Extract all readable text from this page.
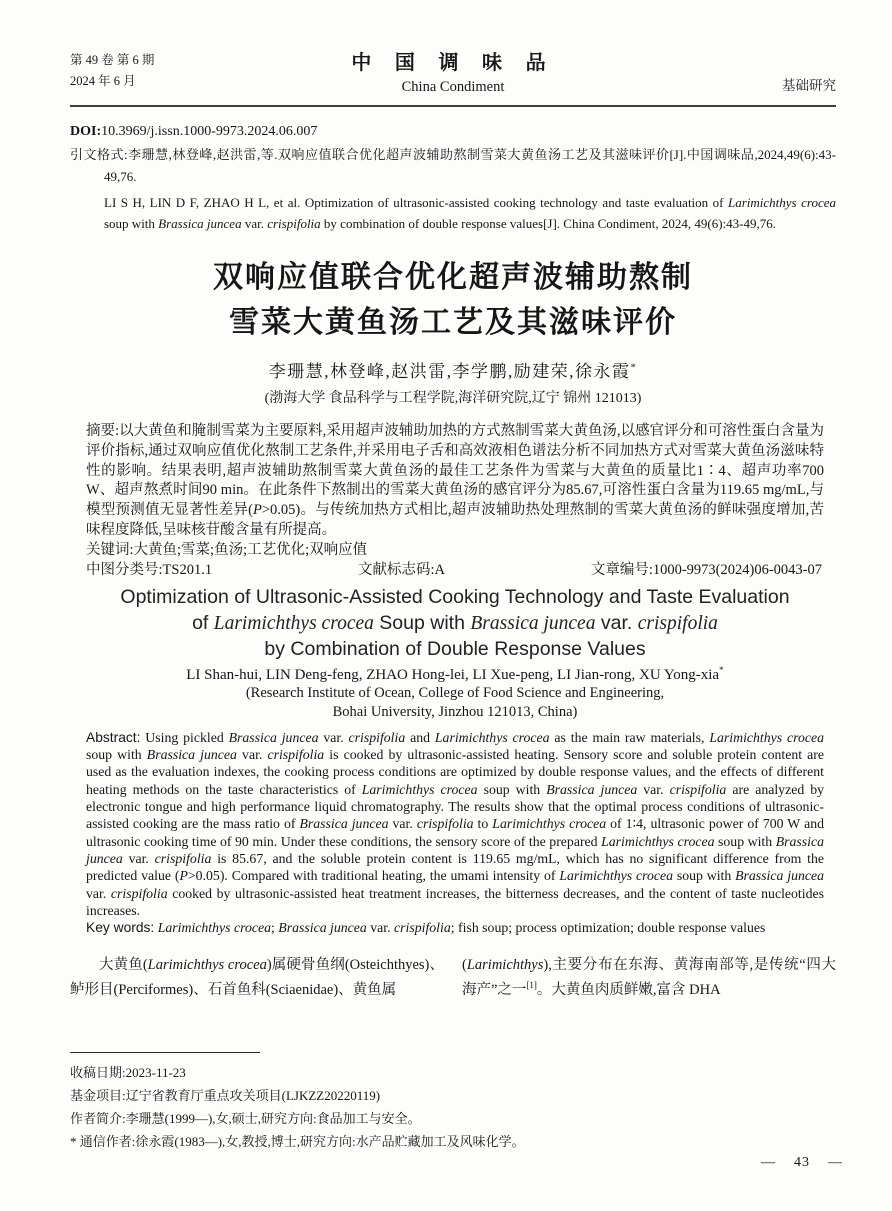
第 49 卷 第 6 期
2024 年 6 月
中 国 调 味 品
China Condiment	基础研究
DOI:10.3969/j.issn.1000-9973.2024.06.007
引文格式:李珊慧,林登峰,赵洪雷,等.双响应值联合优化超声波辅助熬制雪菜大黄鱼汤工艺及其滋味评价[J].中国调味品,2024,49(6):43-49,76.
LI S H, LIN D F, ZHAO H L, et al. Optimization of ultrasonic-assisted cooking technology and taste evaluation of Larimichthys crocea soup with Brassica juncea var. crispifolia by combination of double response values[J]. China Condiment, 2024, 49(6):43-49,76.
双响应值联合优化超声波辅助熬制
雪菜大黄鱼汤工艺及其滋味评价
李珊慧,林登峰,赵洪雷,李学鹏,励建荣,徐永霞*
(渤海大学 食品科学与工程学院,海洋研究院,辽宁 锦州 121013)

摘要:以大黄鱼和腌制雪菜为主要原料,采用超声波辅助加热的方式熬制雪菜大黄鱼汤,以感官评分和可溶性蛋白含量为评价指标,通过双响应值优化熬制工艺条件,并采用电子舌和高效液相色谱法分析不同加热方式对雪菜大黄鱼汤滋味特性的影响。结果表明,超声波辅助熬制雪菜大黄鱼汤的最佳工艺条件为雪菜与大黄鱼的质量比1∶4、超声功率700 W、超声熬煮时间90 min。在此条件下熬制出的雪菜大黄鱼汤的感官评分为85.67,可溶性蛋白含量为119.65 mg/mL,与模型预测值无显著性差异(P>0.05)。与传统加热方式相比,超声波辅助热处理熬制的雪菜大黄鱼汤的鲜味强度增加,苦味程度降低,呈味核苷酸含量有所提高。

关键词:大黄鱼;雪菜;鱼汤;工艺优化;双响应值

中图分类号:TS201.1	文献标志码:A	文章编号:1000-9973(2024)06-0043-07
Optimization of Ultrasonic-Assisted Cooking Technology and Taste Evaluation
of Larimichthys crocea Soup with Brassica juncea var. crispifolia
by Combination of Double Response Values
LI Shan-hui, LIN Deng-feng, ZHAO Hong-lei, LI Xue-peng, LI Jian-rong, XU Yong-xia*
(Research Institute of Ocean, College of Food Science and Engineering,
Bohai University, Jinzhou 121013, China)

Abstract: Using pickled Brassica juncea var. crispifolia and Larimichthys crocea as the main raw materials, Larimichthys crocea soup with Brassica juncea var. crispifolia is cooked by ultrasonic-assisted heating. Sensory score and soluble protein content are used as the evaluation indexes, the cooking process conditions are optimized by double response values, and the effects of different heating methods on the taste characteristics of Larimichthys crocea soup with Brassica juncea var. crispifolia are analyzed by electronic tongue and high performance liquid chromatography. The results show that the optimal process conditions of ultrasonic-assisted cooking are the mass ratio of Brassica juncea var. crispifolia to Larimichthys crocea of 1∶4, ultrasonic power of 700 W and ultrasonic cooking time of 90 min. Under these conditions, the sensory score of the prepared Larimichthys crocea soup with Brassica juncea var. crispifolia is 85.67, and the soluble protein content is 119.65 mg/mL, which has no significant difference from the predicted value (P>0.05). Compared with traditional heating, the umami intensity of Larimichthys crocea soup with Brassica juncea var. crispifolia cooked by ultrasonic-assisted heat treatment increases, the bitterness decreases, and the content of taste nucleotides increases.

Key words: Larimichthys crocea; Brassica juncea var. crispifolia; fish soup; process optimization; double response values

大黄鱼(Larimichthys crocea)属硬骨鱼纲(Osteichthyes)、鲈形目(Perciformes)、石首鱼科(Sciaenidae)、黄鱼属
(Larimichthys),主要分布在东海、黄海南部等,是传统“四大海产”之一[1]。大黄鱼肉质鲜嫩,富含 DHA
收稿日期:2023-11-23
基金项目:辽宁省教育厅重点攻关项目(LJKZZ20220119)
作者简介:李珊慧(1999—),女,硕士,研究方向:食品加工与安全。
* 通信作者:徐永霞(1983—),女,教授,博士,研究方向:水产品贮藏加工及风味化学。
— 43 —
